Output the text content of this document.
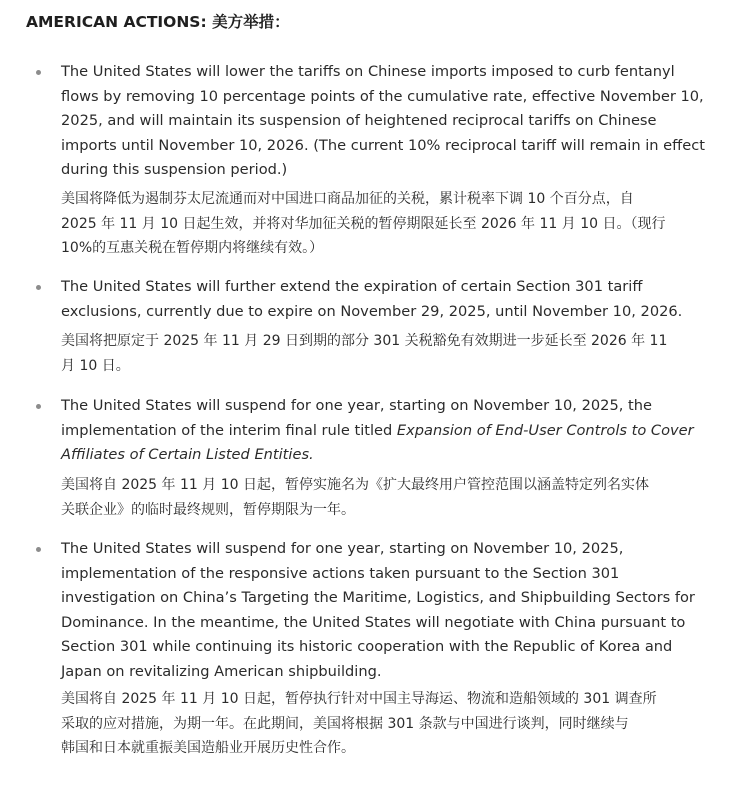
AMERICAN ACTIONS: 美方举措：
The United States will lower the tariffs on Chinese imports imposed to curb fentanyl
flows by removing 10 percentage points of the cumulative rate, effective November 10,
2025, and will maintain its suspension of heightened reciprocal tariffs on Chinese
imports until November 10, 2026. (The current 10% reciprocal tariff will remain in effect
during this suspension period.)
美国将降低为遏制芬太尼流通而对中国进口商品加征的关税，累计税率下调 10 个百分点，自
2025 年 11 月 10 日起生效，并将对华加征关税的暂停期限延长至 2026 年 11 月 10 日。（现行
10%的互惠关税在暂停期内将继续有效。）
The United States will further extend the expiration of certain Section 301 tariff
exclusions, currently due to expire on November 29, 2025, until November 10, 2026.
美国将把原定于 2025 年 11 月 29 日到期的部分 301 关税豁免有效期进一步延长至 2026 年 11
月 10 日。
The United States will suspend for one year, starting on November 10, 2025, the
implementation of the interim final rule titled Expansion of End-User Controls to Cover
Affiliates of Certain Listed Entities.
美国将自 2025 年 11 月 10 日起，暂停实施名为《扩大最终用户管控范围以涵盖特定列名实体
关联企业》的临时最终规则，暂停期限为一年。
The United States will suspend for one year, starting on November 10, 2025,
implementation of the responsive actions taken pursuant to the Section 301
investigation on China’s Targeting the Maritime, Logistics, and Shipbuilding Sectors for
Dominance. In the meantime, the United States will negotiate with China pursuant to
Section 301 while continuing its historic cooperation with the Republic of Korea and
Japan on revitalizing American shipbuilding.
美国将自 2025 年 11 月 10 日起，暂停执行针对中国主导海运、物流和造船领域的 301 调查所
采取的应对措施，为期一年。在此期间，美国将根据 301 条款与中国进行谈判，同时继续与
韩国和日本就重振美国造船业开展历史性合作。
